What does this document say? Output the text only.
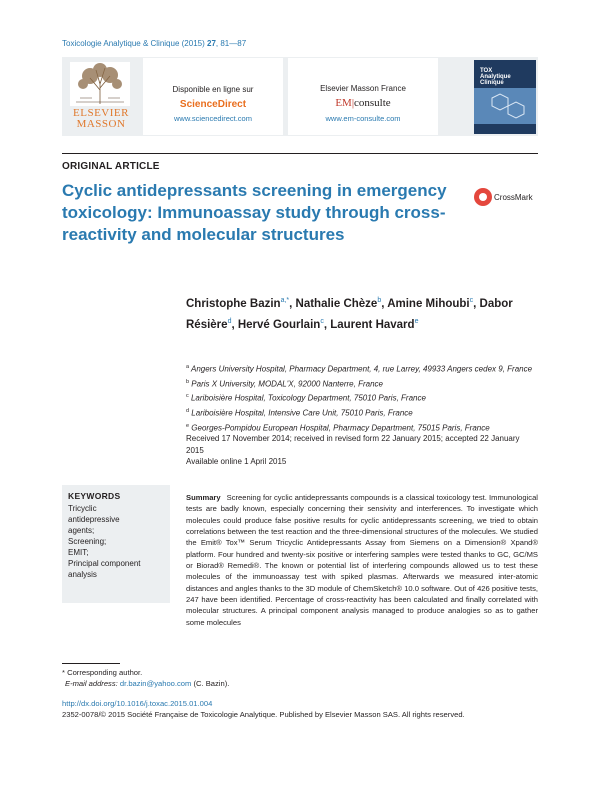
Toxicologie Analytique & Clinique (2015) 27, 81—87
ELSEVIER
MASSON
Disponible en ligne sur
ScienceDirect
www.sciencedirect.com
Elsevier Masson France
EM|consulte
www.em-consulte.com
TOX
Analytique
Clinique
ORIGINAL ARTICLE
Cyclic antidepressants screening in emergency toxicology: Immunoassay study through cross-reactivity and molecular structures
CrossMark
Christophe Bazin$^{a,*}$, Nathalie Chèze$^b$, Amine Mihoubi$^c$, Dabor Résière$^d$, Hervé Gourlain$^c$, Laurent Havard$^e$
$^a$ Angers University Hospital, Pharmacy Department, 4, rue Larrey, 49933 Angers cedex 9, France
$^b$ Paris X University, MODAL'X, 92000 Nanterre, France
$^c$ Lariboisière Hospital, Toxicology Department, 75010 Paris, France
$^d$ Lariboisière Hospital, Intensive Care Unit, 75010 Paris, France
$^e$ Georges-Pompidou European Hospital, Pharmacy Department, 75015 Paris, France
Received 17 November 2014; received in revised form 22 January 2015; accepted 22 January 2015
Available online 1 April 2015
KEYWORDS
Tricyclic
antidepressive
agents;
Screening;
EMIT;
Principal component
analysis
Summary Screening for cyclic antidepressants compounds is a classical toxicology test. Immunological tests are badly known, especially concerning their sensivity and interferences. To investigate which molecules could produce false positive results for cyclic antidepressants screening, we tried to obtain correlations between the test reaction and the three-dimensional structures of the molecules. We studied the Emit® Tox™ Serum Tricyclic Antidepressants Assay from Siemens on a Dimension® Xpand® platform. Four hundred and twenty-six positive or interfering samples were tested thanks to GC, GC/MS or Biorad® Remedi®. The known or potential list of interfering compounds allowed us to test these molecules of the immunoassay test with spiked plasmas. Afterwards we measured inter-atomic distances and angles thanks to the 3D module of ChemSketch® 10.0 software. Out of 426 positive tests, 247 have been identified. Percentage of cross-reactivity has been calculated and finally correlated with molecular structures. A principal component analysis managed to produce analogies so as to gather some molecules
* Corresponding author.
E-mail address: dr.bazin@yahoo.com (C. Bazin).
http://dx.doi.org/10.1016/j.toxac.2015.01.004
2352-0078/© 2015 Société Française de Toxicologie Analytique. Published by Elsevier Masson SAS. All rights reserved.
